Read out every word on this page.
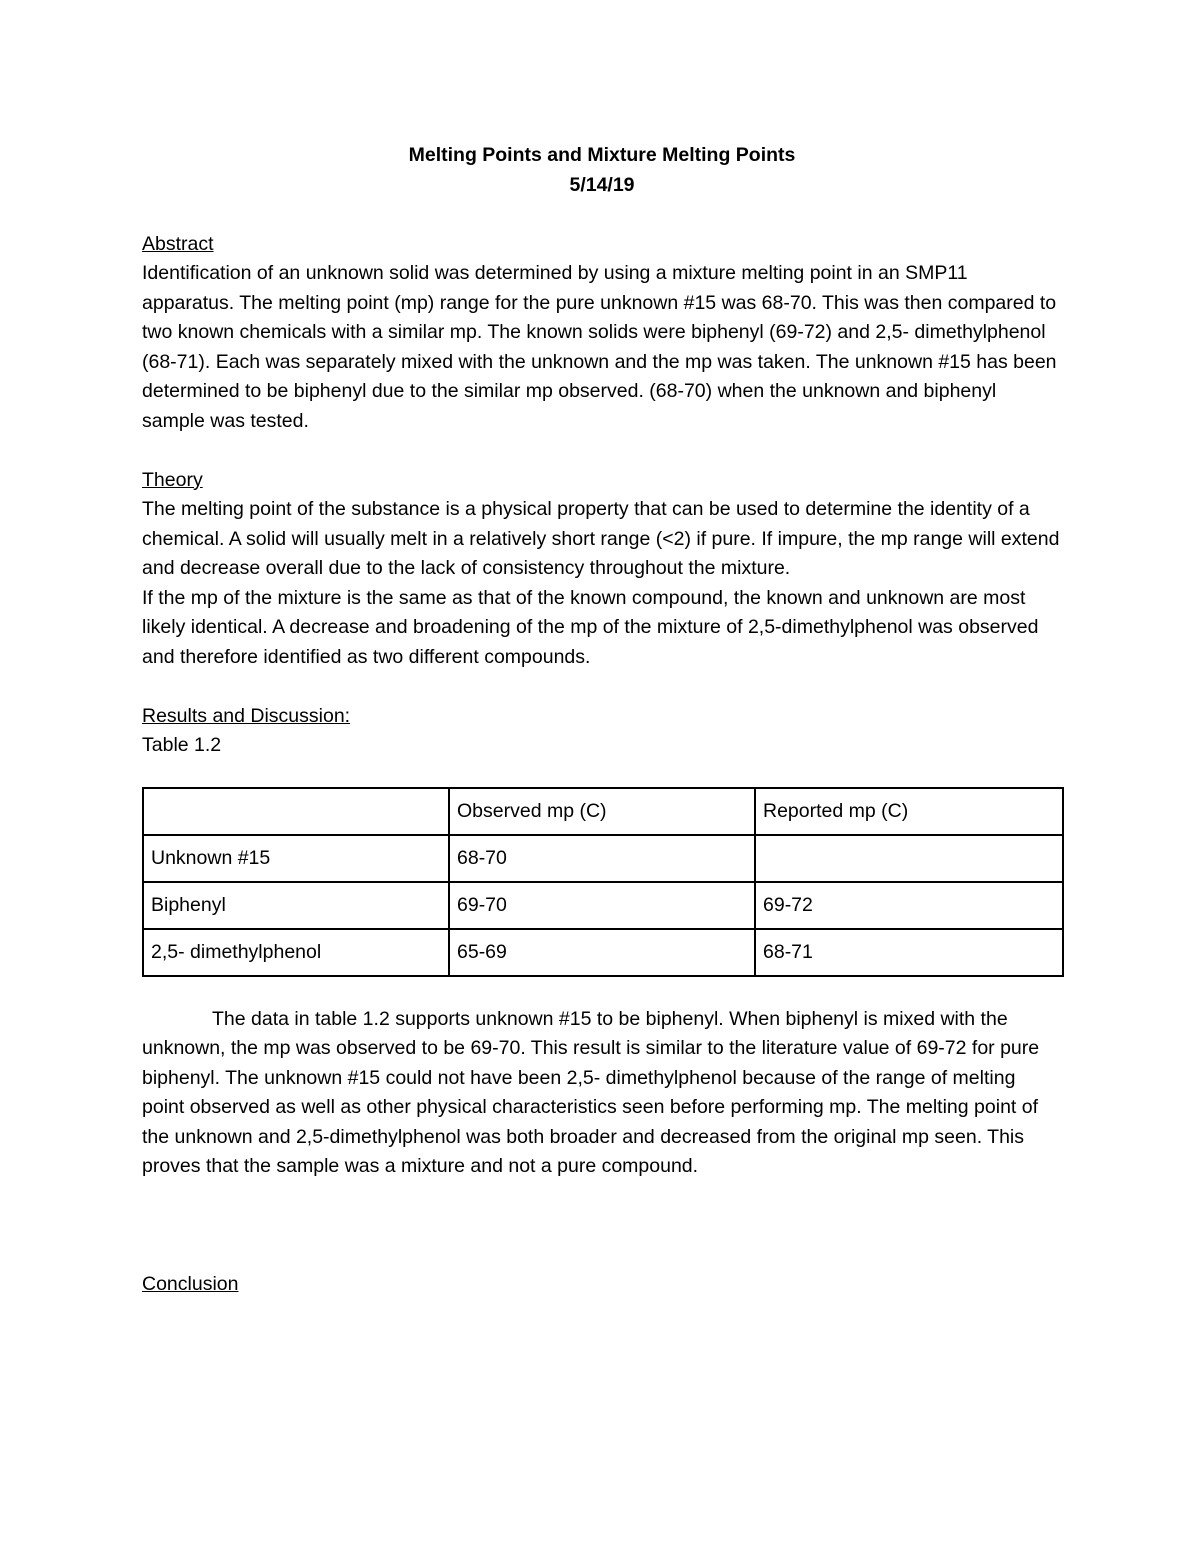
Melting Points and Mixture Melting Points

5/14/19

Abstract

Identification of an unknown solid was determined by using a mixture melting point in an SMP11 apparatus. The melting point (mp) range for the pure unknown #15 was 68-70. This was then compared to two known chemicals with a similar mp. The known solids were biphenyl (69-72) and 2,5- dimethylphenol (68-71). Each was separately mixed with the unknown and the mp was taken. The unknown #15 has been determined to be biphenyl due to the similar mp observed. (68-70) when the unknown and biphenyl sample was tested.

Theory

The melting point of the substance is a physical property that can be used to determine the identity of a chemical. A solid will usually melt in a relatively short range (<2) if pure. If impure, the mp range will extend and decrease overall due to the lack of consistency throughout the mixture.

If the mp of the mixture is the same as that of the known compound, the known and unknown are most likely identical. A decrease and broadening of the mp of the mixture of 2,5-dimethylphenol was observed and therefore identified as two different compounds.

Results and Discussion:

Table 1.2

	Observed mp (C)	Reported mp (C)
Unknown #15	68-70	
Biphenyl	69-70	69-72
2,5- dimethylphenol	65-69	68-71

The data in table 1.2 supports unknown #15 to be biphenyl. When biphenyl is mixed with the unknown, the mp was observed to be 69-70. This result is similar to the literature value of 69-72 for pure biphenyl. The unknown #15 could not have been 2,5- dimethylphenol because of the range of melting point observed as well as other physical characteristics seen before performing mp. The melting point of the unknown and 2,5-dimethylphenol was both broader and decreased from the original mp seen. This proves that the sample was a mixture and not a pure compound.

Conclusion
